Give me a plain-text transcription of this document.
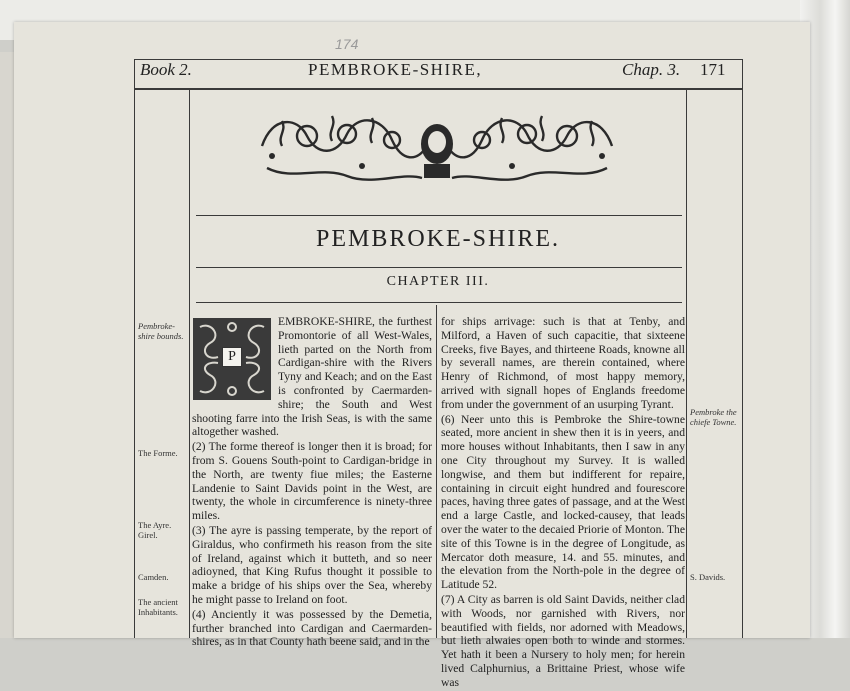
Book 2.	PEMBROKE-SHIRE,	Chap. 3. 171
174
PEMBROKE-SHIRE.
CHAPTER III.
Pembroke-shire bounds.
The Forme.
The Ayre. Girel.
Camden.
The ancient Inhabitants.
Pembroke the chiefe Towne.
S. Davids.
P

EMBROKE-SHIRE, the furthest Promontorie of all West-Wales, lieth parted on the North from Cardigan-shire with the Rivers Tyny and Keach; and on the East is confronted by Caermarden-shire; the South and West shooting farre into the Irish Seas, is with the same altogether washed.

(2) The forme thereof is longer then it is broad; for from S. Gouens South-point to Cardigan-bridge in the North, are twenty fiue miles; the Easterne Landenie to Saint Davids point in the West, are twenty, the whole in circumference is ninety-three miles.

(3) The ayre is passing temperate, by the report of Giraldus, who confirmeth his reason from the site of Ireland, against which it butteth, and so neer adioyned, that King Rufus thought it possible to make a bridge of his ships over the Sea, whereby he might passe to Ireland on foot.

(4) Anciently it was possessed by the Demetia, further branched into Cardigan and Caermarden-shires, as in that County hath beene said, and in the

for ships arrivage: such is that at Tenby, and Milford, a Haven of such capacitie, that sixteene Creeks, five Bayes, and thirteene Roads, knowne all by severall names, are therein contained, where Henry of Richmond, of most happy memory, arrived with signall hopes of Englands freedome from under the government of an usurping Tyrant.

(6) Neer unto this is Pembroke the Shire-towne seated, more ancient in shew then it is in yeers, and more houses without Inhabitants, then I saw in any one City throughout my Survey. It is walled longwise, and them but indifferent for repaire, containing in circuit eight hundred and fourescore paces, having three gates of passage, and at the West end a large Castle, and locked-causey, that leads over the water to the decaied Priorie of Monton. The site of this Towne is in the degree of Longitude, as Mercator doth measure, 14. and 55. minutes, and the elevation from the North-pole in the degree of Latitude 52.

(7) A City as barren is old Saint Davids, neither clad with Woods, nor garnished with Rivers, nor beautified with fields, nor adorned with Meadows, but lieth alwaies open both to winde and stormes. Yet hath it been a Nursery to holy men; for herein lived Calphurnius, a Brittaine Priest, whose wife was
